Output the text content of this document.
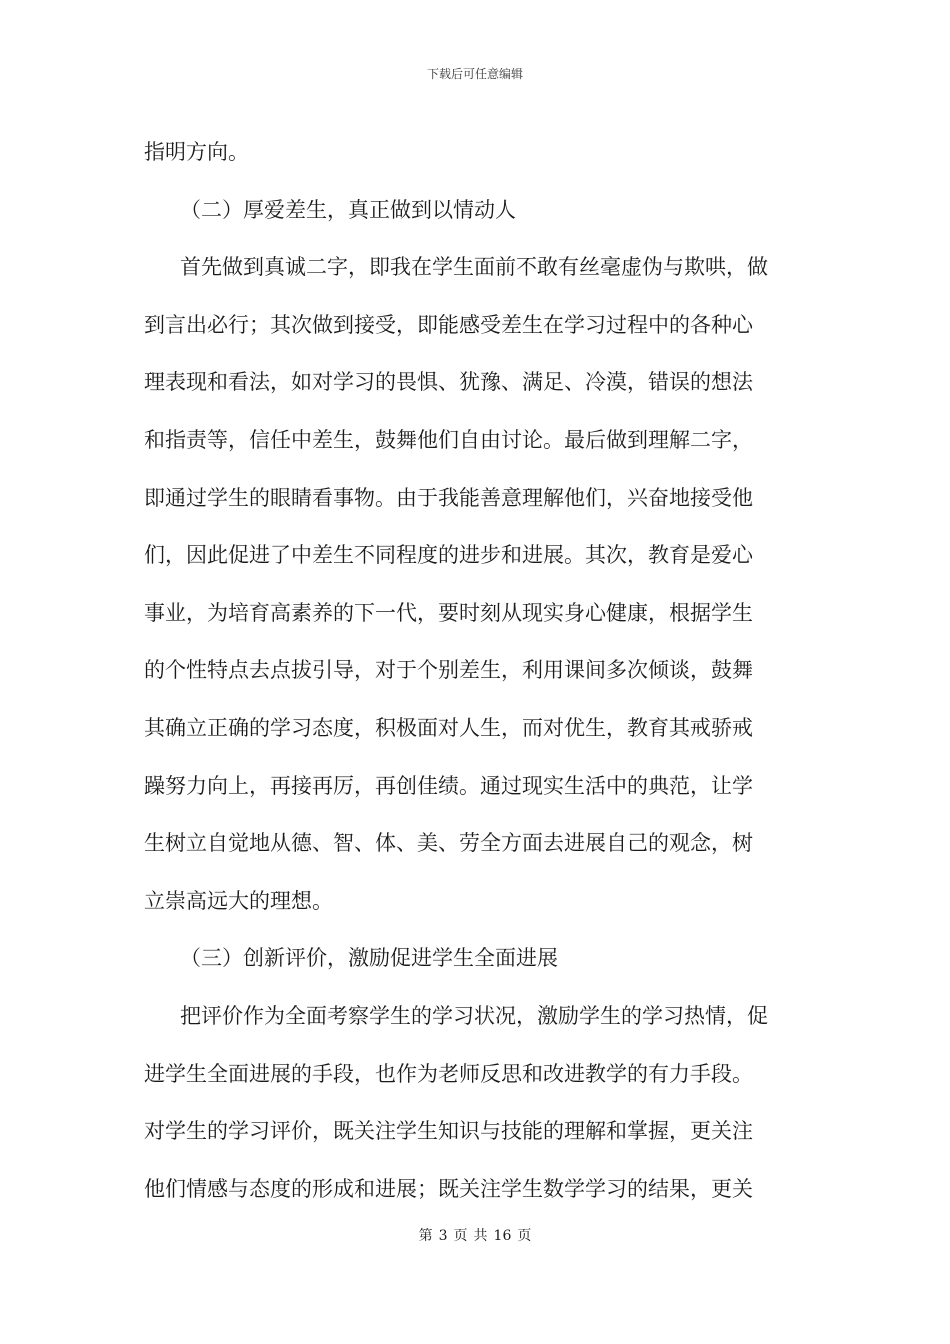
下载后可任意编辑
指明方向。
（二）厚爱差生，真正做到以情动人
首先做到真诚二字，即我在学生面前不敢有丝毫虚伪与欺哄，做
到言出必行；其次做到接受，即能感受差生在学习过程中的各种心
理表现和看法，如对学习的畏惧、犹豫、满足、冷漠，错误的想法
和指责等，信任中差生，鼓舞他们自由讨论。最后做到理解二字，
即通过学生的眼睛看事物。由于我能善意理解他们，兴奋地接受他
们，因此促进了中差生不同程度的进步和进展。其次，教育是爱心
事业，为培育高素养的下一代，要时刻从现实身心健康，根据学生
的个性特点去点拔引导，对于个别差生，利用课间多次倾谈，鼓舞
其确立正确的学习态度，积极面对人生，而对优生，教育其戒骄戒
躁努力向上，再接再厉，再创佳绩。通过现实生活中的典范，让学
生树立自觉地从德、智、体、美、劳全方面去进展自己的观念，树
立崇高远大的理想。
（三）创新评价，激励促进学生全面进展
把评价作为全面考察学生的学习状况，激励学生的学习热情，促
进学生全面进展的手段，也作为老师反思和改进教学的有力手段。
对学生的学习评价，既关注学生知识与技能的理解和掌握，更关注
他们情感与态度的形成和进展；既关注学生数学学习的结果，更关
第 3 页 共 16 页
